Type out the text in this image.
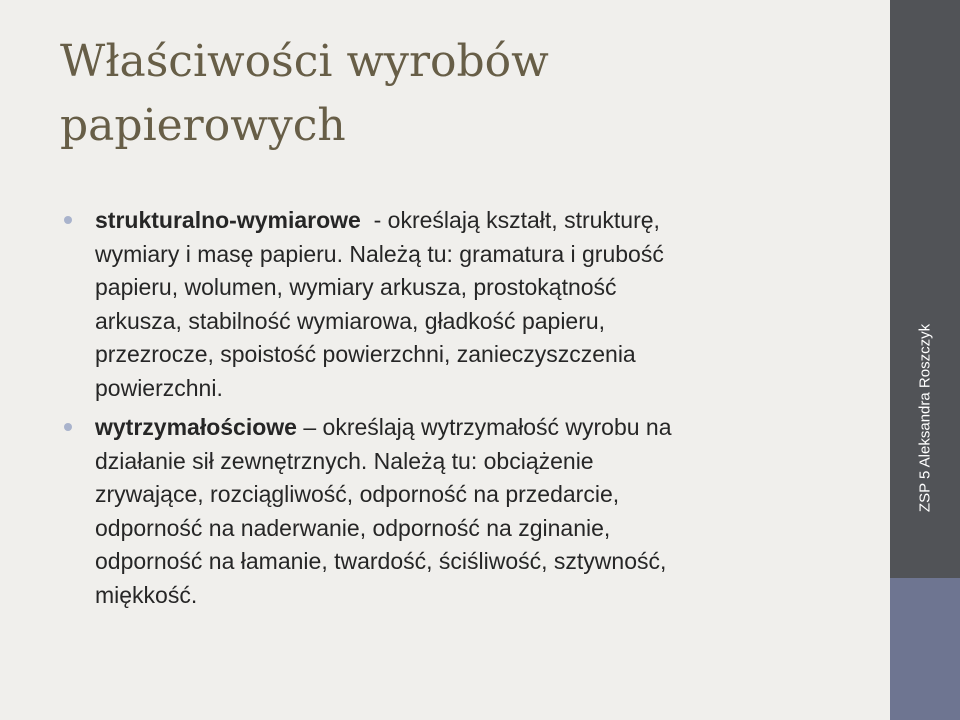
Właściwości wyrobów
papierowych
strukturalno-wymiarowe  - określają kształt, strukturę,
wymiary i masę papieru. Należą tu: gramatura i grubość
papieru, wolumen, wymiary arkusza, prostokątność
arkusza, stabilność wymiarowa, gładkość papieru,
przezrocze, spoistość powierzchni, zanieczyszczenia
powierzchni.
wytrzymałościowe – określają wytrzymałość wyrobu na
działanie sił zewnętrznych. Należą tu: obciążenie
zrywające, rozciągliwość, odporność na przedarcie,
odporność na naderwanie, odporność na zginanie,
odporność na łamanie, twardość, ściśliwość, sztywność,
miękkość.
ZSP 5 Aleksandra Roszczyk
